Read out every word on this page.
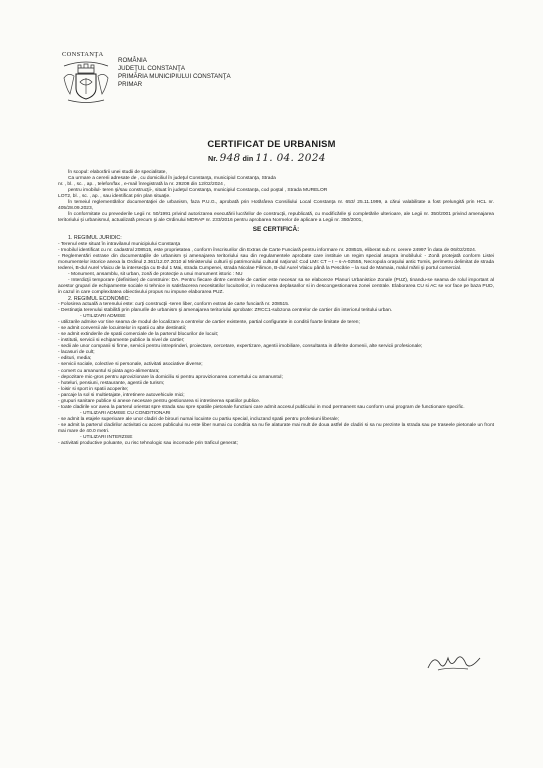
CONSTANŢA
ROMÂNIA
JUDEŢUL CONSTANŢA
PRIMĂRIA MUNICIPIULUI CONSTANŢA
PRIMAR
CERTIFICAT DE URBANISM
Nr. 948 din 11. 04. 2024

În scopul: elaborării unei studii de specialitate,

Ca urmare a cererii adresate de , cu domiciliul în judeţul Constanţa, municipiul Constanţa, Strada

nr. , bl. , sc. , ap. , telefon/fax , e-mail înregistrată la nr. 29208 din 12/02/2024 ,

pentru imobilul- teren şi/sau construcţii-, situat în judeţul Constanţa, municipiul Constanţa, cod poştal , Strada MURELOR

LOT2, bl. , sc. , ap. , sau identificat prin plan situaţie.

În temeiul reglementărilor documentaţiei de urbanism, faza P.U.G., aprobată prin Hotărârea Consiliului Local Constanţa nr. 653/ 25.11.1999, a cărui valabilitate a fost prelungită prin HCL nr. 405/28.09.2023,

În conformitate cu prevederile Legii nr. 50/1991 privind autorizarea executării lucrărilor de construcţii, republicată, cu modificările şi completările ulterioare, ale Legii nr. 350/2001 privind amenajarea teritoriului şi urbanismul, actualizată precum şi ale Ordinului MDRAP nr. 233/2016 pentru aprobarea Normelor de aplicare a Legii nr. 350/2001,

SE CERTIFICĂ:

1. REGIMUL JURIDIC:

- Terenul este situat în intravilanul municipiului Constanţa

- Imobilul identificat cu nr. cadastral 208515, este proprietatea , conform înscrisurilor din Extras de Carte Funciară pentru informare nr. 208515, eliberat sub nr. cerere 24997 în data de 06/02/2024.

- Reglementări extrase din documentaţiile de urbanism şi amenajarea teritoriului sau din regulamentele aprobate care instituie un regim special asupra imobilului: - Zonă protejată conform Listei monumentelor istorice anexa la Ordinul 2.361/12.07.2010 al Ministerului culturii şi patrimoniului cultural naţional: Cod LMI: CT – I – s-A-02555, Necropola oraşului antic Tomis, perimetru delimitat de strada Iederei, B-dul Aurel Vlaicu de la intersecţia cu B-dul 1 Mai, strada Cumpenei, strada Nicolae Filimon, B-dul Aurel Vlaicu până la Pescărie – la sud de Mamaia, malul mării şi portul comercial.

- Monument, ansamblu, sit urban, zonă de protecţie a unui monument istoric : NU

- Interdicţii temporare (definitive) de construire: DA. Pentru fiecare dintre centrele de cartier este necesar sa se elaboreze Planuri Urbanistice Zonale (PUZ), tinandu-se seama de rolul important al acestor grupari de echipamente sociale si tehnice in satisfacerea necesitatilor locuitorilor, in reducerea deplasarilor si in descongestionarea zonei centrale. Elaborarea CU si AC se vor face pe baza PUD, in cazul in care complexitatea obiectivului propus nu impune elaborarea PUZ.

2. REGIMUL ECONOMIC:

- Folosirea actuală a terenului este: curţi construcţii -teren liber, conform extras de carte funciară nr. 208515.

- Destinaţia terenului stabilită prin planurile de urbanism şi amenajarea teritoriului aprobate: ZRCC1-subzona centrelor de cartier din interiorul teritului urban.

- UTILIZARI ADMISE

- utilizarile admise vor tine seama de modul de localizare a centrelor de cartier existente, partial configurate in conditii foarte limitate de teren;

- se admit conversii ale locuintelor in spatii cu alte destinatii;

- se admit extinderile de spatii comerciale de la parterul blocurilor de locuit;

- institutii, servicii si echipamente publice la nivel de cartier;

- sedii ale unor companii si firme, servicii pentru intreprinderi, proiectare, cercetare, expertizare, agentii imobiliare, consultanta in diferite domenii, alte servicii profesionale;

- lacasuri de cult;

- edituri, media;

- servicii sociale, colective si personale, activitati asociative diverse;

- comert cu amanuntul si piata agro-alimentara;

- depozitare mic-gros pentru aprovizionare la domiciliu si pentru aprovizionarea comertului cu amanuntul;

- hoteluri, pensiuni, restaurante, agentii de turism;

- loisir si sport in spatii acoperite;

- parcaje la sol si multietajate, intretinere autovehicule mici;

- grupuri sanitare publice si anexe necesare pentru gestionarea si intretinerea spatiilor publice.

- toate cladirile vor avea la parterul orientat spre strada sau spre spatiile pietonale functiuni care admit accesul publicului in mod permanent sau conform unui program de functionare specific.

- UTILIZARI ADMISE CU CONDITIONARI

- se admit la etajele superioare ale unor cladiri de birouri numai locuinte cu partiu special, incluzand spatii pentru profesiuni liberale;

- se admit la parterul cladirilor activitati cu acces publicului nu este liber numai cu conditia sa nu fie alaturate mai mult de doua astfel de cladiri si sa nu prezinte la strada sau pe traseele pietonale un front mai mare de 40.0 metri.

- UTILIZARI INTERZISE

- activitati productive poluante, cu risc tehnologic sau incomode prin traficul generat;
